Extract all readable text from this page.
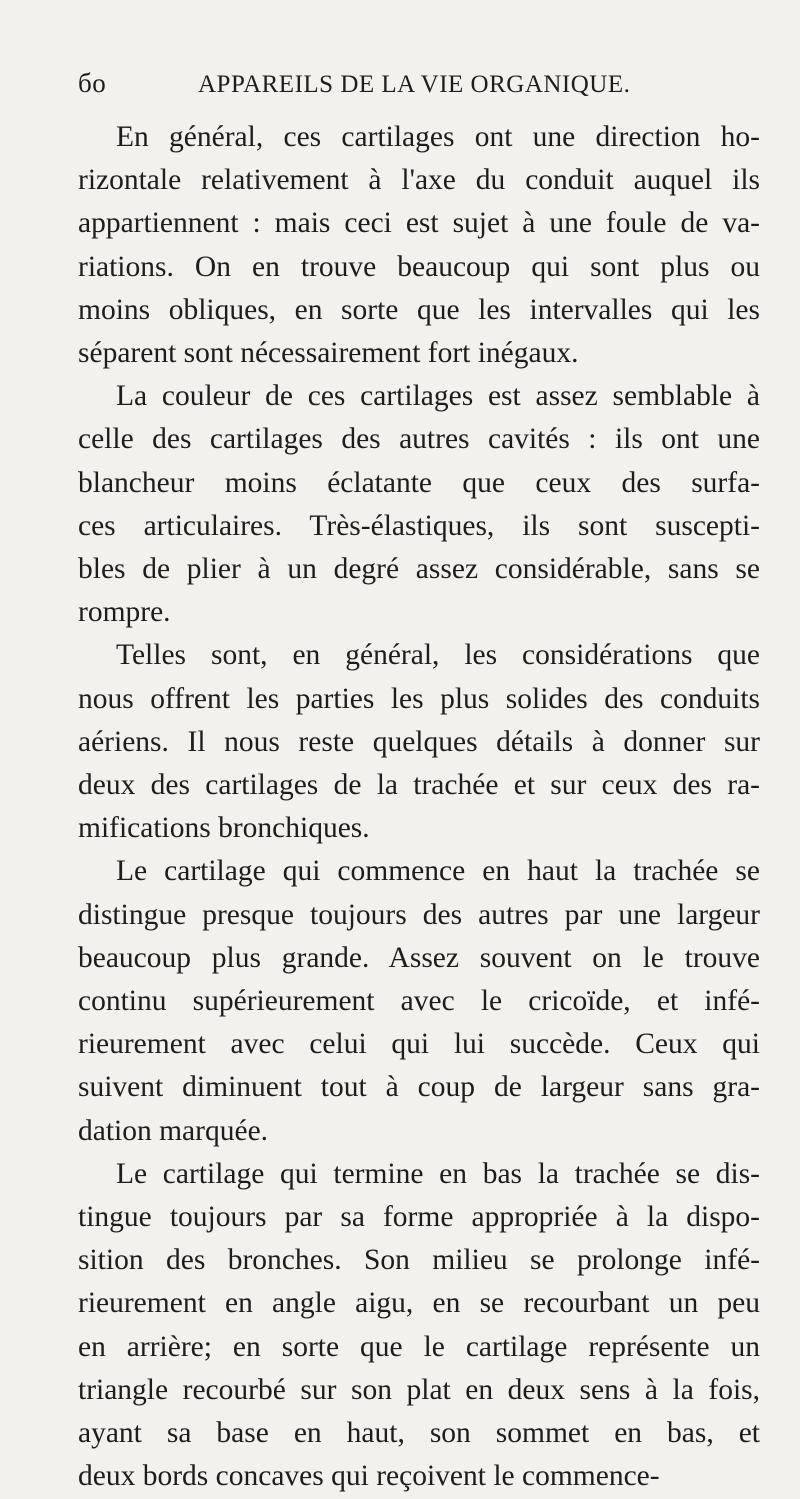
бо	APPAREILS DE LA VIE ORGANIQUE.

En général, ces cartilages ont une direction ho-
rizontale relativement à l'axe du conduit auquel ils
appartiennent : mais ceci est sujet à une foule de va-
riations. On en trouve beaucoup qui sont plus ou
moins obliques, en sorte que les intervalles qui les
séparent sont nécessairement fort inégaux.

La couleur de ces cartilages est assez semblable à
celle des cartilages des autres cavités : ils ont une
blancheur moins éclatante que ceux des surfa-
ces articulaires. Très-élastiques, ils sont suscepti-
bles de plier à un degré assez considérable, sans se
rompre.

Telles sont, en général, les considérations que
nous offrent les parties les plus solides des conduits
aériens. Il nous reste quelques détails à donner sur
deux des cartilages de la trachée et sur ceux des ra-
mifications bronchiques.

Le cartilage qui commence en haut la trachée se
distingue presque toujours des autres par une largeur
beaucoup plus grande. Assez souvent on le trouve
continu supérieurement avec le cricoïde, et infé-
rieurement avec celui qui lui succède. Ceux qui
suivent diminuent tout à coup de largeur sans gra-
dation marquée.

Le cartilage qui termine en bas la trachée se dis-
tingue toujours par sa forme appropriée à la dispo-
sition des bronches. Son milieu se prolonge infé-
rieurement en angle aigu, en se recourbant un peu
en arrière; en sorte que le cartilage représente un
triangle recourbé sur son plat en deux sens à la fois,
ayant sa base en haut, son sommet en bas, et
deux bords concaves qui reçoivent le commence-
